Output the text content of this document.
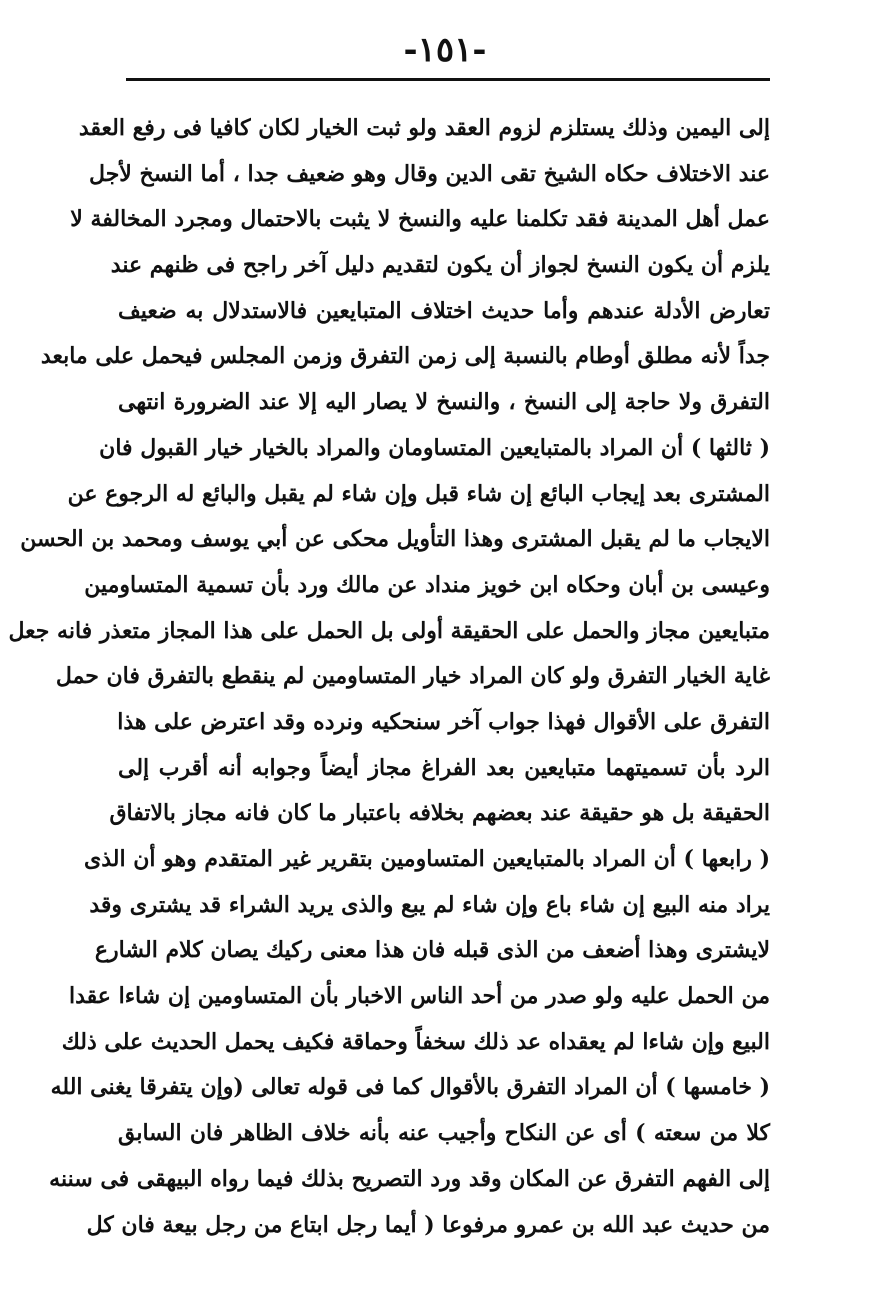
-١٥١-
إلى اليمين وذلك يستلزم لزوم العقد ولو ثبت الخيار لكان كافيا فى رفع العقد
عند الاختلاف حكاه الشيخ تقى الدين وقال وهو ضعيف جدا ، أما النسخ لأجل
عمل أهل المدينة فقد تكلمنا عليه والنسخ لا يثبت بالاحتمال ومجرد المخالفة لا
يلزم أن يكون النسخ لجواز أن يكون لتقديم دليل آخر راجح فى ظنهم عند
تعارض الأدلة عندهم وأما حديث اختلاف المتبايعين فالاستدلال به ضعيف
جداً لأنه مطلق أوطام بالنسبة إلى زمن التفرق وزمن المجلس فيحمل على مابعد
التفرق ولا حاجة إلى النسخ ، والنسخ لا يصار اليه إلا عند الضرورة انتهى
( ثالثها ) أن المراد بالمتبايعين المتساومان والمراد بالخيار خيار القبول فان
المشترى بعد إيجاب البائع إن شاء قبل وإن شاء لم يقبل والبائع له الرجوع عن
الايجاب ما لم يقبل المشترى وهذا التأويل محكى عن أبي يوسف ومحمد بن الحسن
وعيسى بن أبان وحكاه ابن خويز منداد عن مالك ورد بأن تسمية المتساومين
متبايعين مجاز والحمل على الحقيقة أولى بل الحمل على هذا المجاز متعذر فانه جعل
غاية الخيار التفرق ولو كان المراد خيار المتساومين لم ينقطع بالتفرق فان حمل
التفرق على الأقوال فهذا جواب آخر سنحكيه ونرده وقد اعترض على هذا
الرد بأن تسميتهما متبايعين بعد الفراغ مجاز أيضاً وجوابه أنه أقرب إلى
الحقيقة بل هو حقيقة عند بعضهم بخلافه باعتبار ما كان فانه مجاز بالاتفاق
( رابعها ) أن المراد بالمتبايعين المتساومين بتقرير غير المتقدم وهو أن الذى
يراد منه البيع إن شاء باع وإن شاء لم يبع والذى يريد الشراء قد يشترى وقد
لايشترى وهذا أضعف من الذى قبله فان هذا معنى ركيك يصان كلام الشارع
من الحمل عليه ولو صدر من أحد الناس الاخبار بأن المتساومين إن شاءا عقدا
البيع وإن شاءا لم يعقداه عد ذلك سخفاً وحماقة فكيف يحمل الحديث على ذلك
( خامسها ) أن المراد التفرق بالأقوال كما فى قوله تعالى (وإن يتفرقا يغنى الله
كلا من سعته ) أى عن النكاح وأجيب عنه بأنه خلاف الظاهر فان السابق
إلى الفهم التفرق عن المكان وقد ورد التصريح بذلك فيما رواه البيهقى فى سننه
من حديث عبد الله بن عمرو مرفوعا ( أيما رجل ابتاع من رجل بيعة فان كل
